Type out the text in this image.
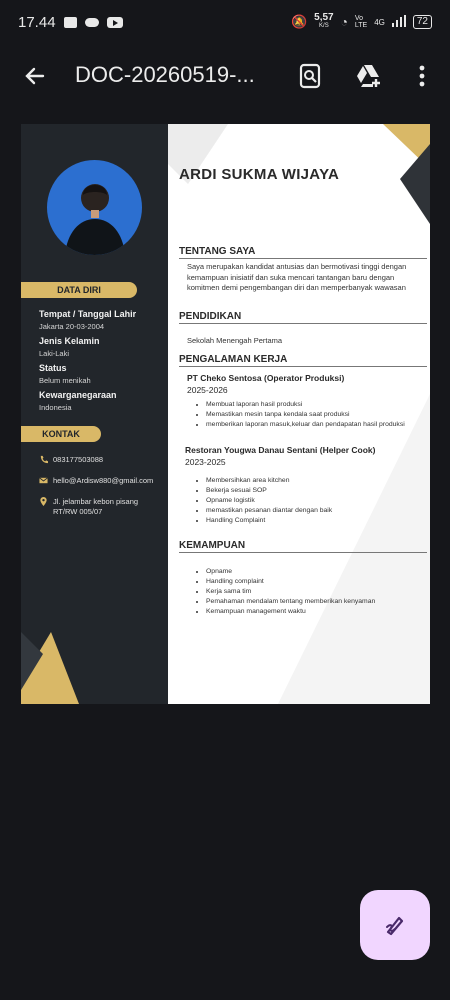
17.44	🔕 5,57
K/S ◔ Vo
LTE 4G	72
DOC-20260519-...
DATA DIRI
Tempat / Tanggal Lahir
Jakarta 20-03-2004
Jenis Kelamin
Laki-Laki
Status
Belum menikah
Kewarganegaraan
Indonesia
KONTAK
083177503088
hello@Ardisw880@gmail.com
Jl. jelambar kebon pisang
RT/RW 005/07
ARDI SUKMA WIJAYA
TENTANG SAYA
Saya merupakan kandidat antusias dan bermotivasi tinggi dengan kemampuan inisiatif dan suka mencari tantangan baru dengan komitmen demi pengembangan diri dan memperbanyak wawasan
PENDIDIKAN
Sekolah Menengah Pertama
PENGALAMAN KERJA
PT Cheko Sentosa (Operator Produksi)
2025-2026
• Membuat laporan hasil produksi
• Memastikan mesin tanpa kendala saat produksi
• memberikan laporan masuk,keluar dan pendapatan hasil produksi
Restoran Yougwa Danau Sentani (Helper Cook)
2023-2025
• Membersihkan area kitchen
• Bekerja sesuai SOP
• Opname logistik
• memastikan pesanan diantar dengan baik
• Handling Complaint
KEMAMPUAN
• Opname
• Handling complaint
• Kerja sama tim
• Pemahaman mendalam tentang memberikan kenyaman
• Kemampuan management waktu
